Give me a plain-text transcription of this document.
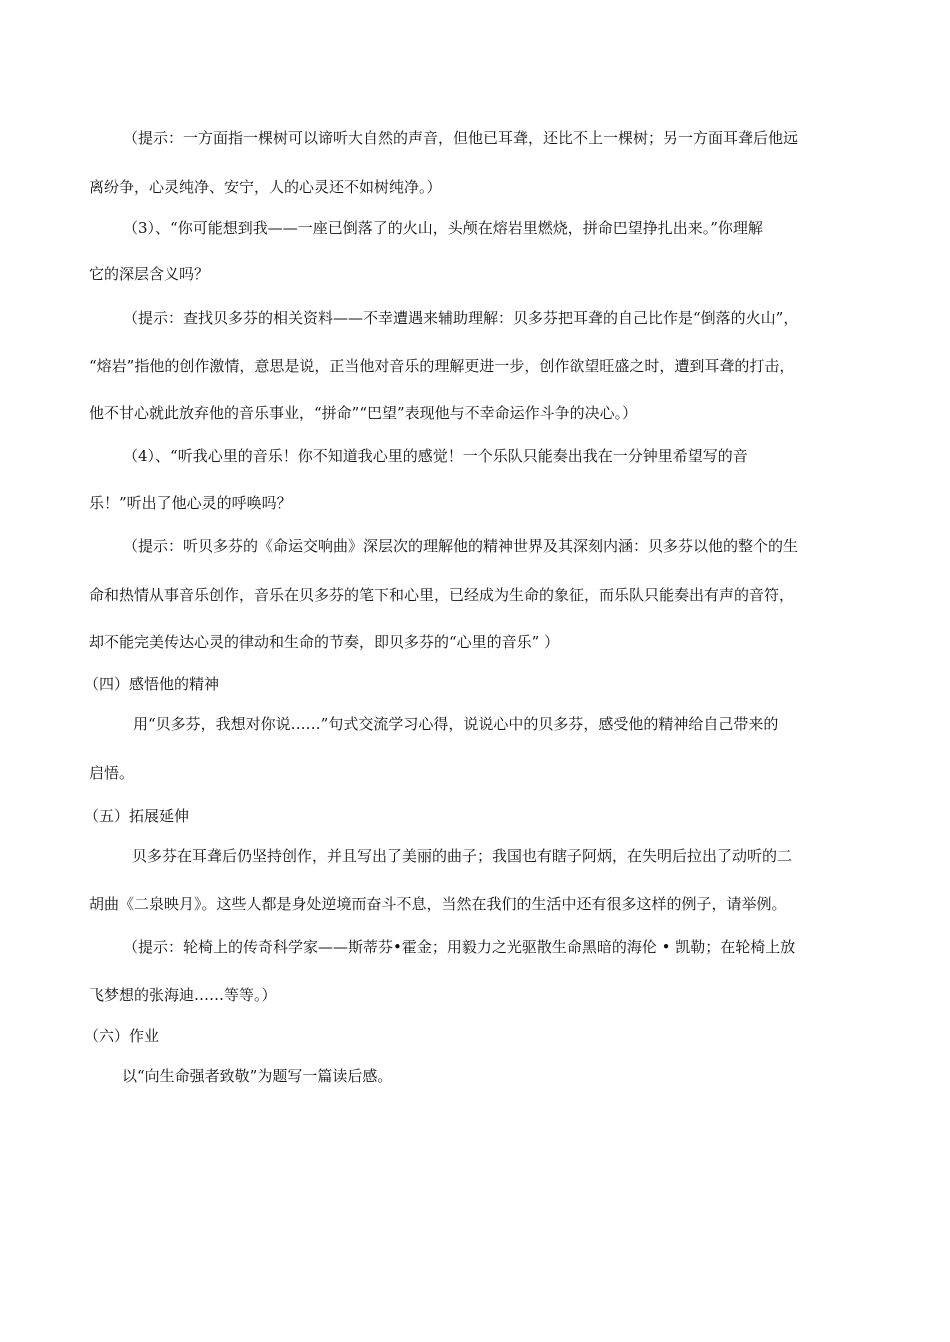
（提示：一方面指一棵树可以谛听大自然的声音，但他已耳聋，还比不上一棵树；另一方面耳聋后他远
离纷争，心灵纯净、安宁，人的心灵还不如树纯净。）
（3）、“你可能想到我——一座已倒落了的火山，头颅在熔岩里燃烧，拼命巴望挣扎出来。”你理解
它的深层含义吗？
（提示：查找贝多芬的相关资料——不幸遭遇来辅助理解：贝多芬把耳聋的自己比作是“倒落的火山”，
“熔岩”指他的创作激情，意思是说，正当他对音乐的理解更进一步，创作欲望旺盛之时，遭到耳聋的打击，
他不甘心就此放弃他的音乐事业，“拼命”“巴望”表现他与不幸命运作斗争的决心。）
（4）、“听我心里的音乐！你不知道我心里的感觉！一个乐队只能奏出我在一分钟里希望写的音
乐！”听出了他心灵的呼唤吗？
（提示：听贝多芬的《命运交响曲》深层次的理解他的精神世界及其深刻内涵：贝多芬以他的整个的生
命和热情从事音乐创作，音乐在贝多芬的笔下和心里，已经成为生命的象征，而乐队只能奏出有声的音符，
却不能完美传达心灵的律动和生命的节奏，即贝多芬的“心里的音乐” ）
（四）感悟他的精神
用“贝多芬，我想对你说……”句式交流学习心得，说说心中的贝多芬，感受他的精神给自己带来的
启悟。
（五）拓展延伸
贝多芬在耳聋后仍坚持创作，并且写出了美丽的曲子；我国也有瞎子阿炳，在失明后拉出了动听的二
胡曲《二泉映月》。这些人都是身处逆境而奋斗不息，当然在我们的生活中还有很多这样的例子，请举例。
（提示：轮椅上的传奇科学家——斯蒂芬•霍金；用毅力之光驱散生命黑暗的海伦 • 凯勒；在轮椅上放
飞梦想的张海迪……等等。）
（六）作业
以“向生命强者致敬”为题写一篇读后感。
